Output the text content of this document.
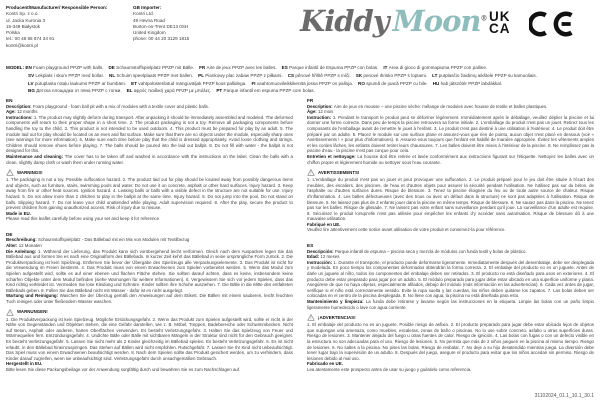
Producent/Manufacturer/ Responsible Person:
Kontri Sp. z o.o.
ul. Jacka Kuronia 3
15-349 Białystok
Polska
tel.: 00 48 85 674 34 91
kontri@kontri.pl
GB Importer:
Kontri Ltd.
49 Hevna Road
Burton-on-Trent DE13 0SH
United Kingdom
phone: 00 44 20 3129 1815
Kiddy Moon® UK
CA
MODEL: EN Foam playground PPZP with balls. DE Schaumstoffspielplatz PPZP mit Bälle. FR Aire de jeux PPZP avec les balles. ES Parque infantil de Espuma PPZP con bolas. IT Area di gioco di gommapiuma PPZP con palline.
SV Lekplats i skum PPZP med bollar. NL Schuim speelplaats PPZP met ballen. PL Piankowy plac zabaw PPZP z piłkami. CS pěnové hřiště PPZP s míči. SK penové ihrisko PPZP s loptami. LT putplasčio žaidimų aikštelė PPZP su kamuoliais.
LV putuplasta rotaļu laukums PPZP ar bumbām. ET vahtpolüsterilatud mänguväljak PPZP koos pallidega. FI vaahtomuovileikkikenttä jossa PPZP on palloja. RO spumă de joacă PPZP cu bile. HU hab játszótér PPZP labdákkal.
BG Детска площадка от пяна PPZP с топки. EL αφρός παιδική χαρά PPZP με μπάλες. PT Parque infantil em espuma PPZP com bolas.
EN
Description: Foam playground - foam ball pit with a mix of modules with a textile cover and plastic balls.
Age: 12 months
Instructions: 1. The product may slightly deform during transport. After unpacking it should be immediately assembled and modeled. The deformed components will return to their proper shape in a short time. 2. The product packaging is not a toy. Remove all packaging components before handling the toy to the child. 3. This product is not intended to be used outdoors. 4. This product must be prepared for play by an adult. 5. The module laid out for play should be located on an even and flat surface. Make sure that there are no objects under the module, especially sharp ones (see warnings for more information). 6. Make sure each time before play that the child is dressed appropriately. Avoid loose clothing and strings. Children should remove shoes before playing. 7. The balls should be poured into the laid out ballpit. 8. Do not fill with water - the ballpit is not designed for this.
Maintenance and cleaning: The cover has to be taken off and washed in accordance with the instructions on the label. Clean the balls with a clean, slightly damp cloth or wash them under running water.
! WARNINGS!
1. The packaging is not a toy. Possible suffocation hazard. 2. The product laid out for play should be located away from possibly dangerous items and objects, such as furniture, stairs, swimming pools and water. Do not use it on concrete, asphalt or other hard surfaces. Injury hazard. 3. Keep away from fire or other heat sources. Ignition hazard. 4. Leaking balls or balls with a visible defect in the structure are not suitable for use. Injury hazard. 5. Do not allow more than 2 children to play in the ballpit at the same time. Injury hazard. 6. Do not jump into the pool. Do not stand on balls. Slipping hazard. 7. Do not leave your child unattended while playing. Adult supervision required. 8. After the play, secure the product to prevent children from gaining unauthorized access. Risk of injury due to misuse.
Made in EU.
Please read this leaflet carefully before using your set and keep it for reference
DE
Beschreibung: Schaumstoffspielplatz - Das Bällebad mit ein Mix von Modulen mit Textilbezug
Alter: 12 Monaten
Die Anleitung: 1. Während der Lieferung, das Produkt kann sich vorübergehend leicht verformen. Gleich nach dem Auspacken legen Sie das Bällebad aus und formen Sie es nach eine Originalform des Bällebads. In kurzer Zeit kehrt das Bällebad in seine ursprüngliche Form zurück. 2. Die Produktverpackung ist kein Spielzeug. Entfernen Sie bevor der Übergabe des Spielzeugs alle Verpackungselemente. 3. Das Produkt ist nicht für die Verwendung im Freien bestimmt. 4. Das Produkt muss von einem Erwachsenen zum Spielen vorbereitet werden. 5. Wenn das Modul zum Spielen aufgestellt wird, sollte es auf einer ebenen und flachen Fläche stehen. Sie sollten darauf achten, dass es keine, insbesondere keine scharfen Objekte unter dem Modul befinden (siehe Warnungen für weitere Informationen). 6. Vergewissern Sie sich vor jedem Spielen, dass das Kind richtig verkleidet ist. Vermeiden Sie lose Kleidung und Schnüre. Kinder sollten ihre Schuhe ausziehen. 7. Die Bälle in die Mitte des entfalteten Bällebads geben. 8. Füllen Sie das Bällebad nicht mit Wasser - dafür ist es nicht ausgelegt.
Wartung und Reinigung: Waschen Sie der Überzug gemäß den Anweisungen auf dem Etikett. Die Bällen mit einem sauberen, leicht feuchten Tuch reinigen oder unter fließendem Wasser waschen.
! WARNUNGEN!
1. Die Produktverpackung ist kein Spielzeug. Mögliche Erstickungsgefahr. 2. Wenn das Produkt zum Spielen aufgestellt wird, sollte er nicht in der Nähe von Gegenständen und Objekten stehen, die eine Gefahr darstellen, wie z. B. Möbel, Treppen, Badebereiche oder Schwimmbecken. Nicht auf Beton, Asphalt oder anderen, harten Oberflächen verwenden. Es besteht Verletzungsgefahr. 3. Halten Sie das Spielzeug von Feuer und Wärmequellen fern. Entzündungsgefahr. 4. Undichte Bälle oder Bälle mit sichtbaren Mängeln in der Struktur sind nicht für den Gebrauch geeignet. Es besteht Verletzungsgefahr. 5. Lassen Sie nicht mehr als 2 Kinder gleichzeitig im Bällebad spielen. Es besteht Verletzungsgefahr. 6. Es ist nicht erlaubt, in den Bällebad hineinzuspringen. Das Stehen auf Bällen wird nicht empfohlen. Rutschgefahr. 7. Lassen Sie Ihr Kind nicht unbeaufsichtigt. Das Spiel muss von einem Erwachsenen beaufsichtigt werden. 8. Nach dem Spielen sollte das Produkt gesichert werden, um zu verhindern, dass Kinder darauf zugreifen, wenn sie unbeaufsichtigt sind. Verletzungsgefahr durch unsachgemäßen Gebrauch.
Hergestellt in EU.
Bitte lesen Sie diese Packungsbeilage vor der Anwendung sorgfältig durch und bewahren Sie es zum Nachschlagen auf.
FR
Description: Aire de jeux en mousse – une piscine sèche: mélange de modules avec housse de textile et balles plastiques.
Âge: 12 mois
Instruction: 1. Pendant le transport le produit peut se déformer légèrement. Immédiatement après le déballage, veuillez déplier la piscine et lui donner une forme correcte. Dans peu de temps la piscine retrouvera sa forme initiale. 2. L'emballage du produit n'est pas un jouet. Retirez tous les composants de l'emballage avant de remettre le jouet à l'enfant. 3. Le produit n'est pas destiné à une utilisation à l'extérieur. 4. Le produit doit être préparé par un adulte. 5. Placez le module sur une surface plane et assurez-vous que rien de pointu, aucun objet n'est placé en dessous (voir « Avertissements ! » pour plus d'informations). 6. Assurez-vous toujours que l'enfant est habillé de manière appropriée. Évitez les vêtements amples et les cordes lâches, les enfants doivent retirer leurs chaussures. 7. Les balles doivent être mises à l'intérieur de la piscine. 8. Ne remplissez pas la piscine d'eau - la piscine n'est pas conçue pour cela.
Entretien et nettoyage: La housse doit être retirée et lavée conformément aux instructions figurant sur l'étiquette. Nettoyez les balles avec un chiffon propre et légèrement humide ou nettoyer sous l'eau courante.
! AVERTISSEMENTS!
1. L'emballage du produit n'est pas un jouet et peut provoquer une suffocation. 2. Le produit préparé pour le jeu doit être située à l'écart des meubles, des escaliers, des piscines, de l'eau et d'autres objets pour assurer la sécurité pendant l'utilisation. Ne l'utilisez pas sur du béton, de l'asphalte ou d'autres surfaces dures. Risque de blessure. 3. Tenez la piscine éloignée du feu ou de toute autre source de chaleur. Risque d'inflammation. 4. Les balles défectueuses (avec des trous ou avec un défaut dans la structure) ne sont pas adaptées à l'utilisation. Risque de blessure. 5. Ne laissez pas plus de 2 enfants jouer dans la piscine en même temps. Risque de blessure. 6. Ne sautez pas dans la piscine. Ne tenez pas sur les balles. Risque de glissade. 7. Ne laissez pas votre enfant sans surveillance pendant qu'il joue. La surveillance d'un adulte est requise. 8. Sécurisez le produit lorsqu'elle n'est pas utilisée pour empêcher les enfants d'y accéder sans autorisation. Risque de blessure dû à une mauvaise utilisation.
Fabriqué en UE.
Veuillez lire attentivement cette notice avant utilisation de votre produit et conservez-la pour référence.
ES
Descripción: Parque infantil de espuma – piscina seca y mezcla de módulos con funda textil y bolas de plástico.
Edad: 12 meses
Instrucción: 1. Durante el transporte, el producto puede deformarse ligeramente. Inmediatamente después del desembalaje, debe ser desplegada y modelada. En poco tiempo los componentes deformados obtendrán la forma correcta. 2. El embalaje del producto no es un juguete. Antes de darle un juguete al niño, todos los componentes del embalaje deben ser retirados. 3. El producto no está diseñado para usos en exteriores. 4. El producto debe estar preparado para jugar por un adulto. 5. El módulo preparado para jugar debe estar ubicado en una superficie uniforme y plana. Asegúrese de que no haya objetos, especialmente afilados, debajo del módulo (más información en las advertencias). 6. Cada vez antes de jugar, verifique si el niño está correctamente vestido. Evite la ropa suelta y las cuerdas, los niños deben quitarse los zapatos. 7. Las bolas deben ser colocadas en el centro de la piscina desplegada. 8. No llene con agua, la piscina no está diseñada para esto.
Mantenimiento y limpieza: La funda debe retirarse y lavarse según las instrucciones en la etiqueta. Limpie las bolas con un paño limpio ligeramente humedecido o lave con agua corriente.
! ¡ADVERTENCIAS!
1. El embalaje del producto no es un juguete. Posible riesgo de asfixia. 2. El producto preparado para jugar debe estar ubicado lejos de objetos que supongan una amenaza, como muebles, escaleras, zonas de baño o piscinas. No lo use sobre concreto, asfalto u otras superficies duras. Riesgo de lesiones. 3. Mantener alejado del fuego u otras fuentes de calor. Riesgo de ignición. 4. Las bolas con fugas o con un defecto visible en la estructura no son adecuadas para el uso. Riesgo de lesiones. 5. No permita que más de 2 niños jueguen en la piscina al mismo tiempo. Riesgo de lesiones. 6. No saltes a la piscina. No pises las bolas. Riesgo de resbalar. 7. No deje a su hijo desatendido mientras juega. La diversión debe tener lugar bajo la supervisión de un adulto. 8. Después del juego, asegure el producto para evitar que los niños accedan sin permiso. Riesgo de lesiones debido al mal uso.
Fabricado en UE.
Lea atentamente este prospecto antes de usar su juego y guárdelo como referencia.
31102024_01.1_10.1_30.1
